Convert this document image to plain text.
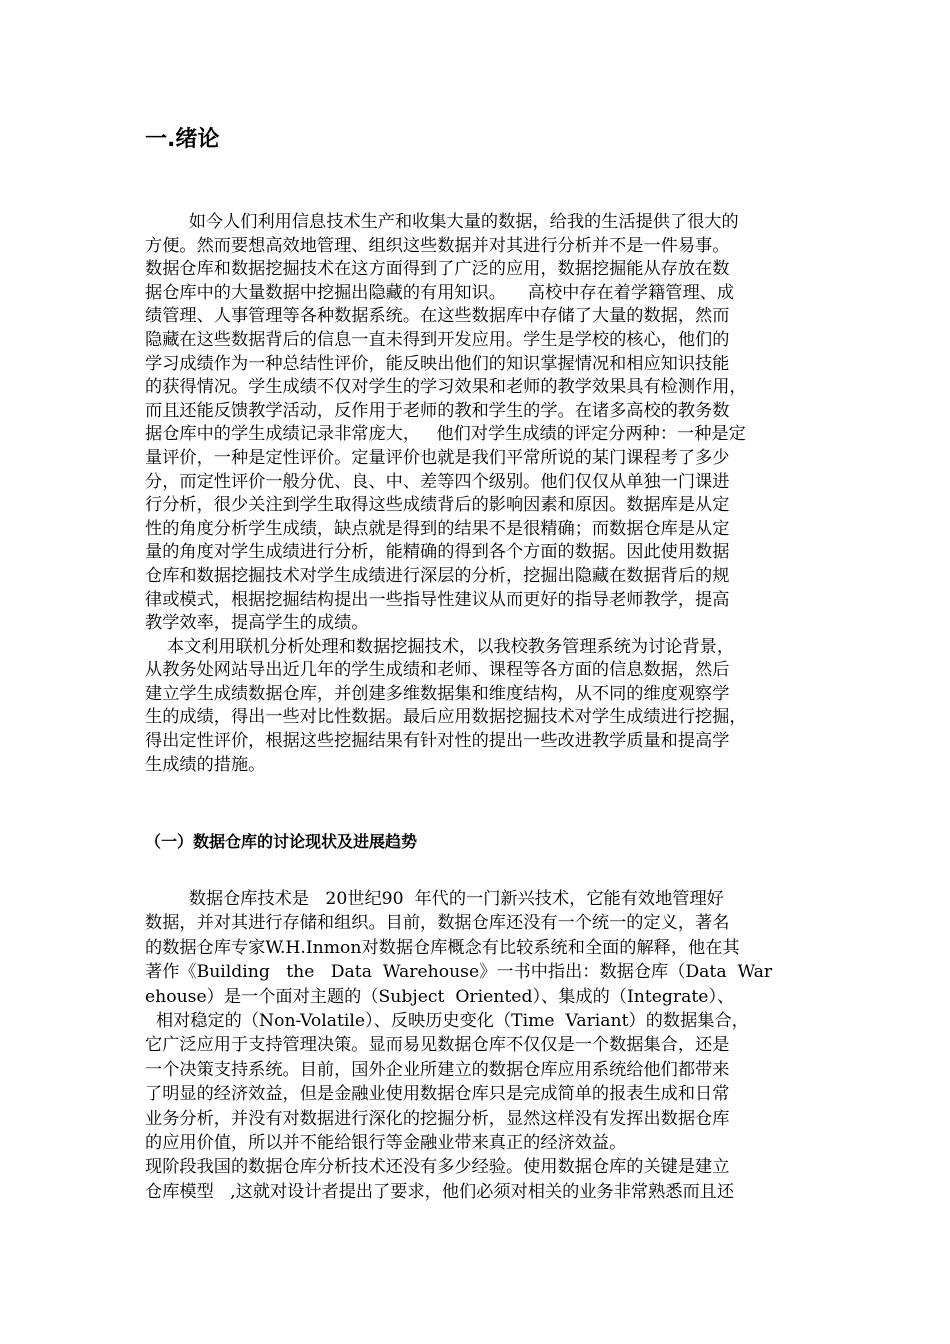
一.绪论
如今人们利用信息技术生产和收集大量的数据，给我的生活提供了很大的
方便。然而要想高效地管理、组织这些数据并对其进行分析并不是一件易事。
数据仓库和数据挖掘技术在这方面得到了广泛的应用，数据挖掘能从存放在数
据仓库中的大量数据中挖掘出隐藏的有用知识。    高校中存在着学籍管理、成
绩管理、人事管理等各种数据系统。在这些数据库中存储了大量的数据，然而
隐藏在这些数据背后的信息一直未得到开发应用。学生是学校的核心，他们的
学习成绩作为一种总结性评价，能反映出他们的知识掌握情况和相应知识技能
的获得情况。学生成绩不仅对学生的学习效果和老师的教学效果具有检测作用，
而且还能反馈教学活动，反作用于老师的教和学生的学。在诸多高校的教务数
据仓库中的学生成绩记录非常庞大，   他们对学生成绩的评定分两种：一种是定
量评价，一种是定性评价。定量评价也就是我们平常所说的某门课程考了多少
分，而定性评价一般分优、良、中、差等四个级别。他们仅仅从单独一门课进
行分析，很少关注到学生取得这些成绩背后的影响因素和原因。数据库是从定
性的角度分析学生成绩，缺点就是得到的结果不是很精确；而数据仓库是从定
量的角度对学生成绩进行分析，能精确的得到各个方面的数据。因此使用数据
仓库和数据挖掘技术对学生成绩进行深层的分析，挖掘出隐藏在数据背后的规
律或模式，根据挖掘结构提出一些指导性建议从而更好的指导老师教学，提高
教学效率，提高学生的成绩。
本文利用联机分析处理和数据挖掘技术，以我校教务管理系统为讨论背景，
从教务处网站导出近几年的学生成绩和老师、课程等各方面的信息数据，然后
建立学生成绩数据仓库，并创建多维数据集和维度结构，从不同的维度观察学
生的成绩，得出一些对比性数据。最后应用数据挖掘技术对学生成绩进行挖掘，
得出定性评价，根据这些挖掘结果有针对性的提出一些改进教学质量和提高学
生成绩的措施。
（一）数据仓库的讨论现状及进展趋势
数据仓库技术是   20世纪90  年代的一门新兴技术，它能有效地管理好
数据，并对其进行存储和组织。目前，数据仓库还没有一个统一的定义，著名
的数据仓库专家W.H.Inmon对数据仓库概念有比较系统和全面的解释，他在其
著作《Building   the   Data  Warehouse》一书中指出：数据仓库（Data  War
ehouse）是一个面对主题的（Subject  Oriented）、集成的（Integrate）、
相对稳定的（Non-Volatile）、反映历史变化（Time  Variant）的数据集合，
它广泛应用于支持管理决策。显而易见数据仓库不仅仅是一个数据集合，还是
一个决策支持系统。目前，国外企业所建立的数据仓库应用系统给他们都带来
了明显的经济效益，但是金融业使用数据仓库只是完成简单的报表生成和日常
业务分析，并没有对数据进行深化的挖掘分析，显然这样没有发挥出数据仓库
的应用价值，所以并不能给银行等金融业带来真正的经济效益。
现阶段我国的数据仓库分析技术还没有多少经验。使用数据仓库的关键是建立
仓库模型   ,这就对设计者提出了要求，他们必须对相关的业务非常熟悉而且还
